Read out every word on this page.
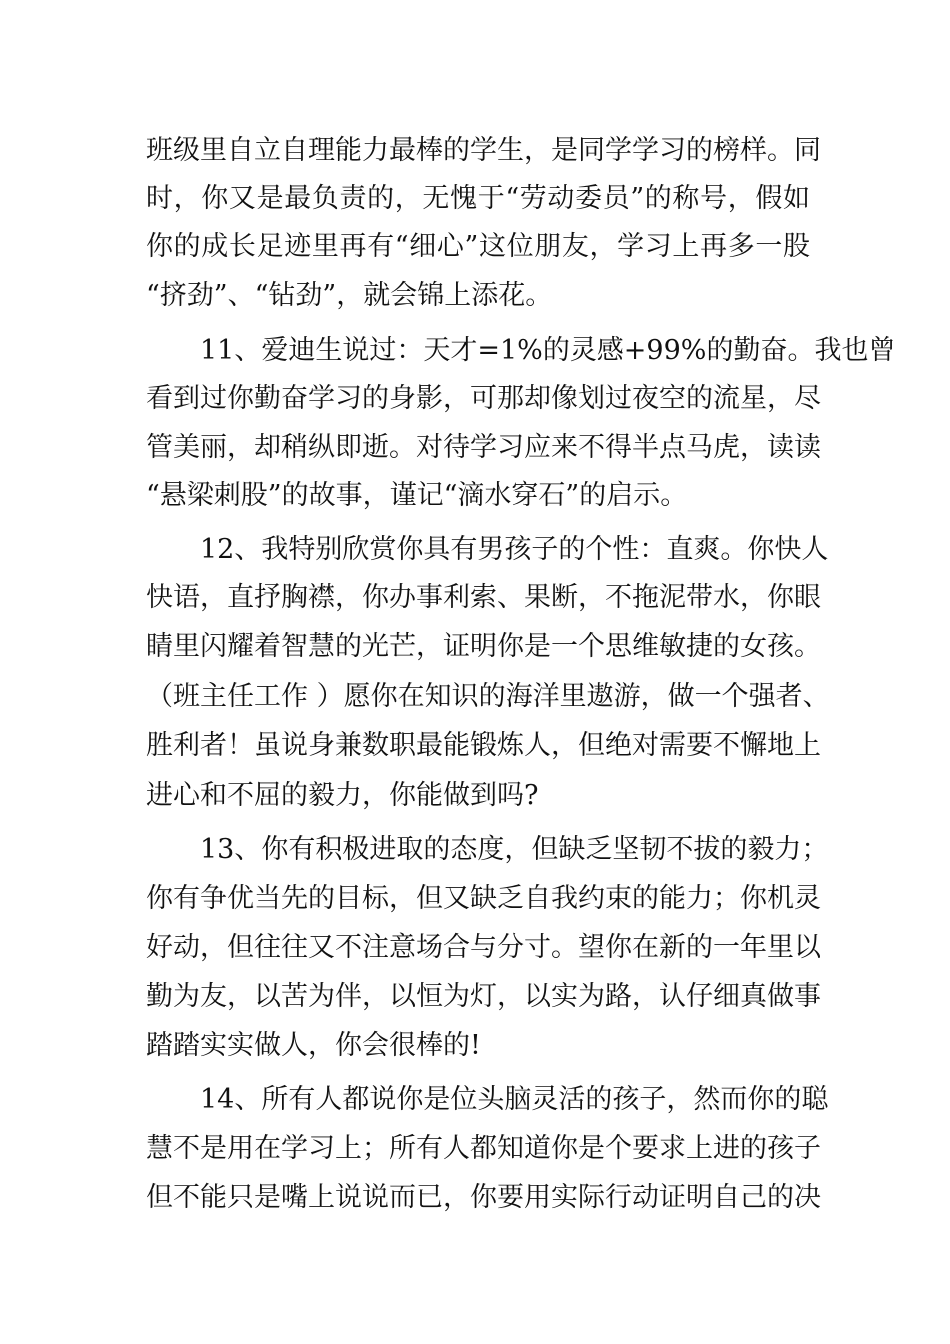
班级里自立自理能力最棒的学生，是同学学习的榜样。同
时，你又是最负责的，无愧于“劳动委员”的称号，假如
你的成长足迹里再有“细心”这位朋友，学习上再多一股
“挤劲”、“钻劲”，就会锦上添花。
11、爱迪生说过：天才=1%的灵感+99%的勤奋。我也曾
看到过你勤奋学习的身影，可那却像划过夜空的流星，尽
管美丽，却稍纵即逝。对待学习应来不得半点马虎，读读
“悬梁刺股”的故事，谨记“滴水穿石”的启示。
12、我特别欣赏你具有男孩子的个性：直爽。你快人
快语，直抒胸襟，你办事利索、果断，不拖泥带水，你眼
睛里闪耀着智慧的光芒，证明你是一个思维敏捷的女孩。
（班主任工作 ）愿你在知识的海洋里遨游，做一个强者、
胜利者！虽说身兼数职最能锻炼人，但绝对需要不懈地上
进心和不屈的毅力，你能做到吗?
13、你有积极进取的态度，但缺乏坚韧不拔的毅力；
你有争优当先的目标，但又缺乏自我约束的能力；你机灵
好动，但往往又不注意场合与分寸。望你在新的一年里以
勤为友，以苦为伴，以恒为灯，以实为路，认仔细真做事
踏踏实实做人，你会很棒的!
14、所有人都说你是位头脑灵活的孩子，然而你的聪
慧不是用在学习上；所有人都知道你是个要求上进的孩子
但不能只是嘴上说说而已，你要用实际行动证明自己的决
